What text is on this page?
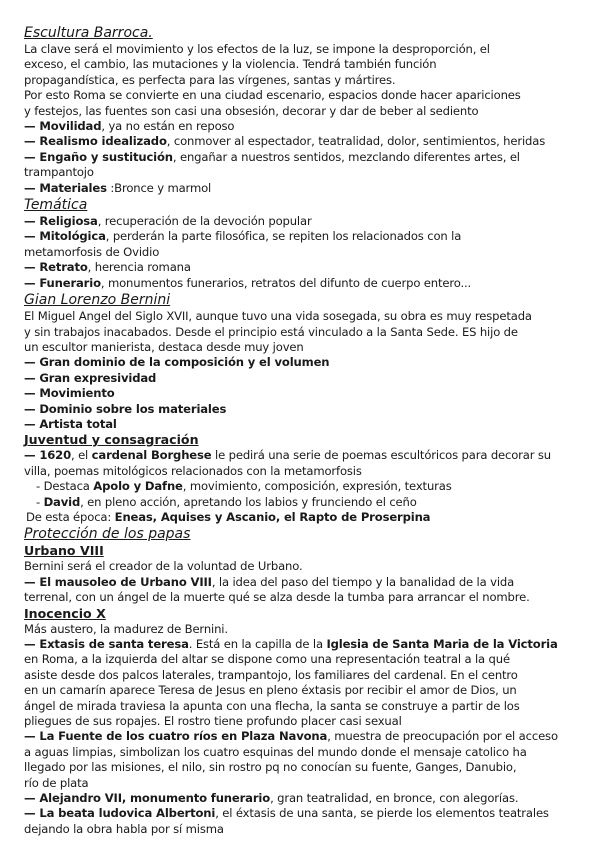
Escultura Barroca.
La clave será el movimiento y los efectos de la luz, se impone la desproporción, el
exceso, el cambio, las mutaciones y la violencia. Tendrá también función
propagandística, es perfecta para las vírgenes, santas y mártires.
Por esto Roma se convierte en una ciudad escenario, espacios donde hacer apariciones
y festejos, las fuentes son casi una obsesión, decorar y dar de beber al sediento
— Movilidad, ya no están en reposo
— Realismo idealizado, conmover al espectador, teatralidad, dolor, sentimientos, heridas
— Engaño y sustitución, engañar a nuestros sentidos, mezclando diferentes artes, el
trampantojo
— Materiales :Bronce y marmol
Temática
— Religiosa, recuperación de la devoción popular
— Mitológica, perderán la parte filosófica, se repiten los relacionados con la
metamorfosis de Ovidio
— Retrato, herencia romana
— Funerario, monumentos funerarios, retratos del difunto de cuerpo entero...
Gian Lorenzo Bernini
El Miguel Angel del Siglo XVII, aunque tuvo una vida sosegada, su obra es muy respetada
y sin trabajos inacabados. Desde el principio está vinculado a la Santa Sede. ES hijo de
un escultor manierista, destaca desde muy joven
— Gran dominio de la composición y el volumen
— Gran expresividad
— Movimiento
— Dominio sobre los materiales
— Artista total
Juventud y consagración
— 1620, el cardenal Borghese le pedirá una serie de poemas escultóricos para decorar su
villa, poemas mitológicos relacionados con la metamorfosis
- Destaca Apolo y Dafne, movimiento, composición, expresión, texturas
- David, en pleno acción, apretando los labios y frunciendo el ceño
De esta época: Eneas, Aquises y Ascanio, el Rapto de Proserpina
Protección de los papas
Urbano VIII
Bernini será el creador de la voluntad de Urbano.
— El mausoleo de Urbano VIII, la idea del paso del tiempo y la banalidad de la vida
terrenal, con un ángel de la muerte qué se alza desde la tumba para arrancar el nombre.
Inocencio X
Más austero, la madurez de Bernini.
— Extasis de santa teresa. Está en la capilla de la Iglesia de Santa Maria de la Victoria
en Roma, a la izquierda del altar se dispone como una representación teatral a la qué
asiste desde dos palcos laterales, trampantojo, los familiares del cardenal. En el centro
en un camarín aparece Teresa de Jesus en pleno éxtasis por recibir el amor de Dios, un
ángel de mirada traviesa la apunta con una flecha, la santa se construye a partir de los
pliegues de sus ropajes. El rostro tiene profundo placer casi sexual
— La Fuente de los cuatro ríos en Plaza Navona, muestra de preocupación por el acceso
a aguas limpias, simbolizan los cuatro esquinas del mundo donde el mensaje catolico ha
llegado por las misiones, el nilo, sin rostro pq no conocían su fuente, Ganges, Danubio,
río de plata
— Alejandro VII, monumento funerario, gran teatralidad, en bronce, con alegorías.
— La beata ludovica Albertoni, el éxtasis de una santa, se pierde los elementos teatrales
dejando la obra habla por sí misma
